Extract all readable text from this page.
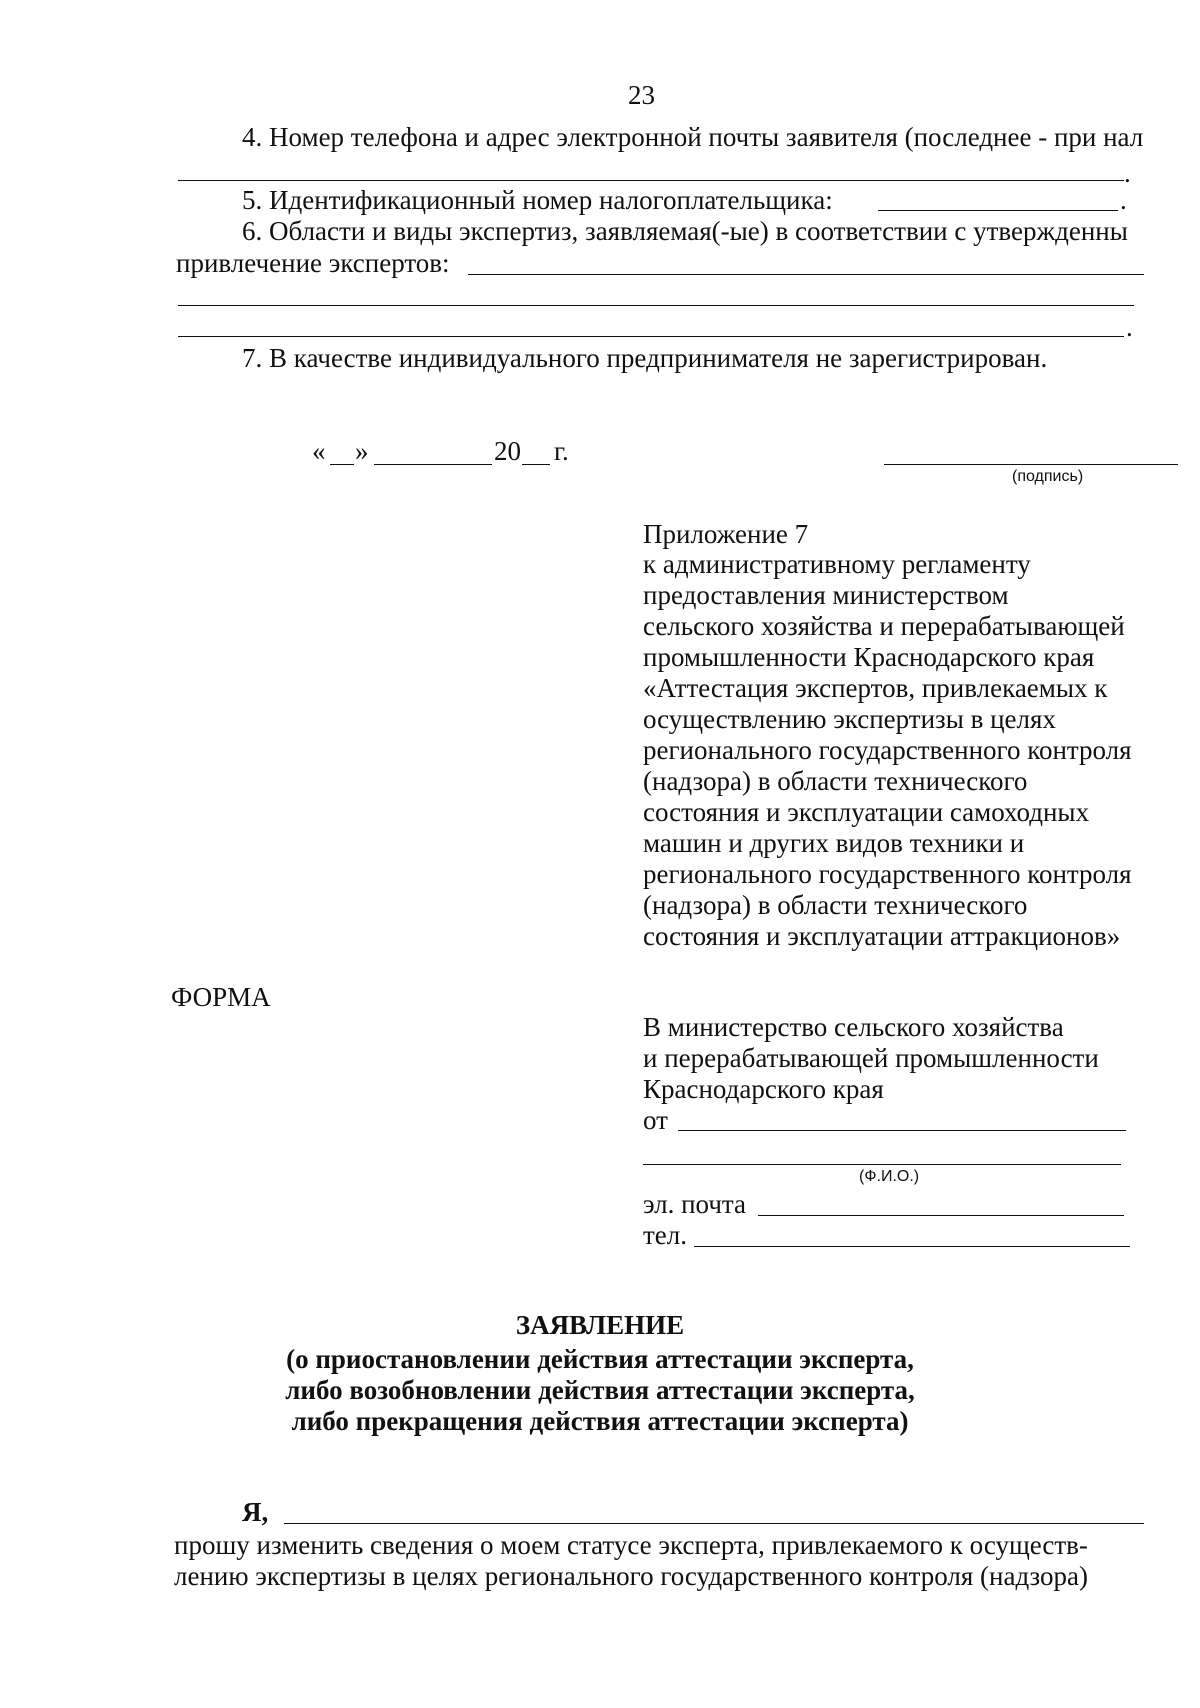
23
4. Номер телефона и адрес электронной почты заявителя (последнее - при нал
.
5. Идентификационный номер налогоплательщика:	.
6. Области и виды экспертиз, заявляемая(-ые) в соответствии с утвержденны
привлечение экспертов:
.
7. В качестве индивидуального предпринимателя не зарегистрирован.
« »	20 г.
(подпись)
Приложение 7
к административному регламенту
предоставления министерством
сельского хозяйства и перерабатывающей
промышленности Краснодарского края
«Аттестация экспертов, привлекаемых к
осуществлению экспертизы в целях
регионального государственного контроля
(надзора) в области технического
состояния и эксплуатации самоходных
машин и других видов техники и
регионального государственного контроля
(надзора) в области технического
состояния и эксплуатации аттракционов»
ФОРМА
В министерство сельского хозяйства
и перерабатывающей промышленности
Краснодарского края
от
(Ф.И.О.)
эл. почта
тел.
ЗАЯВЛЕНИЕ
(о приостановлении действия аттестации эксперта,
либо возобновлении действия аттестации эксперта,
либо прекращения действия аттестации эксперта)
Я,
прошу изменить сведения о моем статусе эксперта, привлекаемого к осуществ-
лению экспертизы в целях регионального государственного контроля (надзора)
